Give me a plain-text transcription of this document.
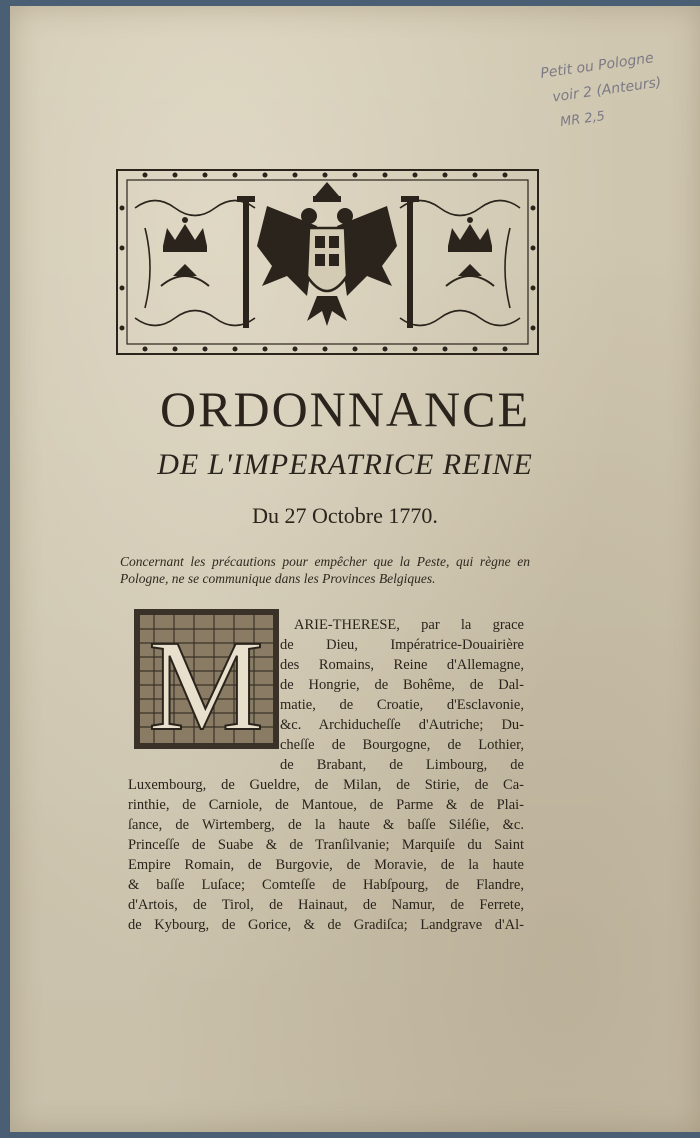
Petit ou Pologne
voir 2 (Anteurs)
MR 2,5
ORDONNANCE
DE L'IMPERATRICE REINE
Du 27 Octobre 1770.
Concernant les précautions pour empêcher que la Peste, qui règne en Pologne, ne se communique dans les Provinces Belgiques.
M ARIE-THERESE, par la grace
de Dieu, Impératrice-Douairière
des Romains, Reine d'Allemagne,
de Hongrie, de Bohême, de Dal-
matie, de Croatie, d'Esclavonie,
&c. Archiducheſſe d'Autriche; Du-
cheſſe de Bourgogne, de Lothier,
de Brabant, de Limbourg, de
Luxembourg, de Gueldre, de Milan, de Stirie, de Ca-
rinthie, de Carniole, de Mantoue, de Parme & de Plai-
ſance, de Wirtemberg, de la haute & baſſe Siléſie, &c.
Princeſſe de Suabe & de Tranſilvanie; Marquiſe du Saint
Empire Romain, de Burgovie, de Moravie, de la haute
& baſſe Luſace; Comteſſe de Habſpourg, de Flandre,
d'Artois, de Tirol, de Hainaut, de Namur, de Ferrete,
de Kybourg, de Gorice, & de Gradiſca; Landgrave d'Al-
